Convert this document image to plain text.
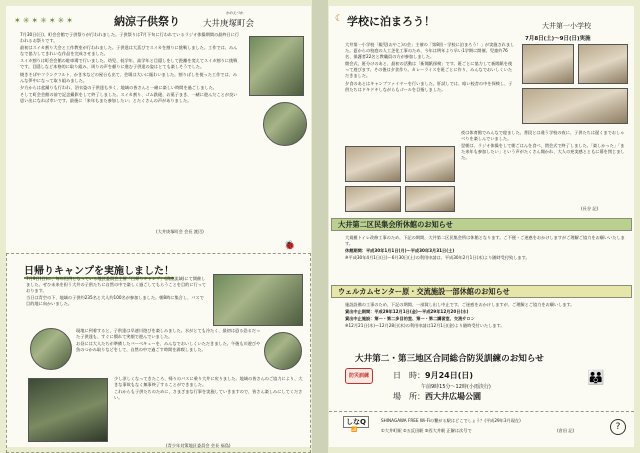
✶✳✶✳✶✳✶	納涼子供祭り
かのえづか
大井庚塚町会

7月30日(日)、町会会館で子供祭りが行われました。子供祭りは7月下旬に行われているラジオ体操期間の最終日に行われるお祭りです。

最初はスイカ割り大会と工作教室が行われました。子供達は大喜びでスイカを割りに挑戦しました。工作では、みんなで協力してきれいな作品を完成させました。

スイカ割りは町会会館の駐車場で行いました。幼児、低学年、高学年と目隠しをして距離を変えてスイカ割りに挑戦です。目隠しなど本格的に取り組み、周りの声を頼りに進む子供達の姿はとても楽しそうでした。

焼きそばやフランクフルト、かき氷などの屋台も出て、会場は大いに賑わいました。割りばしを使った工作では、みんな夢中になって取り組みました。

夕方からは盆踊りも行われ、浴衣姿の子供達も多く、地域の皆さんと一緒に楽しい時間を過ごしました。

そして町会会館の前で記念撮影をして終了しました。スイカ割り、ゴム鉄砲、お菓子まき、一緒に遊んだことが良い思い出になれば幸いです。最後に「来年もまた参加したい」とたくさんの声がありました。

(大井庚塚町会 会長 渡辺)
🐞
日帰りキャンプを実施しました！

7月9日(日)に、毎年恒例となっている地区委員会主催「日帰りキャンプ」(清流流域)にて開催しました。ぜひ未来を担う大井の子供たちに自然の中で楽しく過ごしてもらうことを目的に行っております。

当日は青空の下、地域の子供約235名と大人約100名が参加しました。朝8時に集合し、バスで目的地に向かいました。

現地に到着すると、子供達は早速川遊びを楽しみました。水がとても冷たく、最初は恐る恐るだった子供達も、すぐに慣れて笑顔で遊んでいました。

お昼には大人たちが準備したバーベキューを、みんなでおいしくいただきました。午後も川遊びや魚のつかみ取りなどをして、自然の中で過ごす時間を満喫しました。

少し涼しくなってきたころ、帰りのバスに乗り大井に戻りました。地域の皆さんのご協力により、大きな事故もなく無事終了することができました。

これからも子供たちのために、さまざまな行事を実施していきますので、皆さん楽しみにしてください。

(青少年対策地区委員会 会長 福島)
学校に泊まろう！
☾
大井第一小学校
7月8日(土)～9日(日)実施

大井第一小学校「親児(おやこ)の会」主催の「第8回・学校に泊まろう！」が実施されました。夏からの校庭の人工芝化工事のため、今年は例年より早い1学期に開催。児童約76名、保護者22名と教職員の方が参加しました。

開会式、班分けのあと、最初の活動は「新聞紙探検」です。班ごとに協力して新聞紙を使って遊びます。その後は夕食作り。カレーライスを班ごとに作り、みんなでおいしくいただきました。

夕食のあとはキャンプファイヤーを行いました。肝試しでは、暗い校舎の中を探検し、子供たちはドキドキしながらもゴールを目指しました。

夜は体育館でみんなで寝ました。普段とは違う学校の夜に、子供たちは遅くまでおしゃべりを楽しんでいました。

翌朝は、ラジオ体操をして朝ごはんを食べ、閉会式で終了しました。「楽しかった」「また来年も参加したい」という声がたくさん聞かれ、大人の充実感とともに幕を閉じました。

(長谷 記)
大井第二区民集会所休館のお知らせ

大規模トイレ改修工事のため、下記の期間、大井第二区民集会所は休館となります。ご不便・ご迷惑をおかけしますがご理解ご協力をお願いいたします。

休館期間：平成30年1月1日(月)～平成30年3月31日(土)

※平成30年4月1日(日)～6月30日(土)の利用申請は、平成30年2月1日(木)より随時受付致します。

ウェルカムセンター原・交流施設一部休館のお知らせ

施設設備の工事のため、下記の期間、一部貸し出し中止です。ご迷惑をおかけしますが、ご理解とご協力をお願いします。

貸出中止期間：平成29年12月1日(金)～平成29年12月20日(水)

貸出中止施設：第一・第二多目的室、第一・第二講習室、交流サロン

※12月21日(木)～12月28日(木)の利用申請は12月1日(金)より随時受付いたします。

大井第二・第三地区合同総合防災訓練のお知らせ
防災訓練	日　時：9月24日(日)
午前9時15分～12時(小雨決行)
場　所：西大井広場公園
👪
しなQ
📶
SHINAGAWA FREE Wi-Fiの繋がる駅はどこでしょう？(平成29年3月現在)
①大井町駅 ②五反田駅 ③西大井駅 正解は次号で	(倉田 記)	?
